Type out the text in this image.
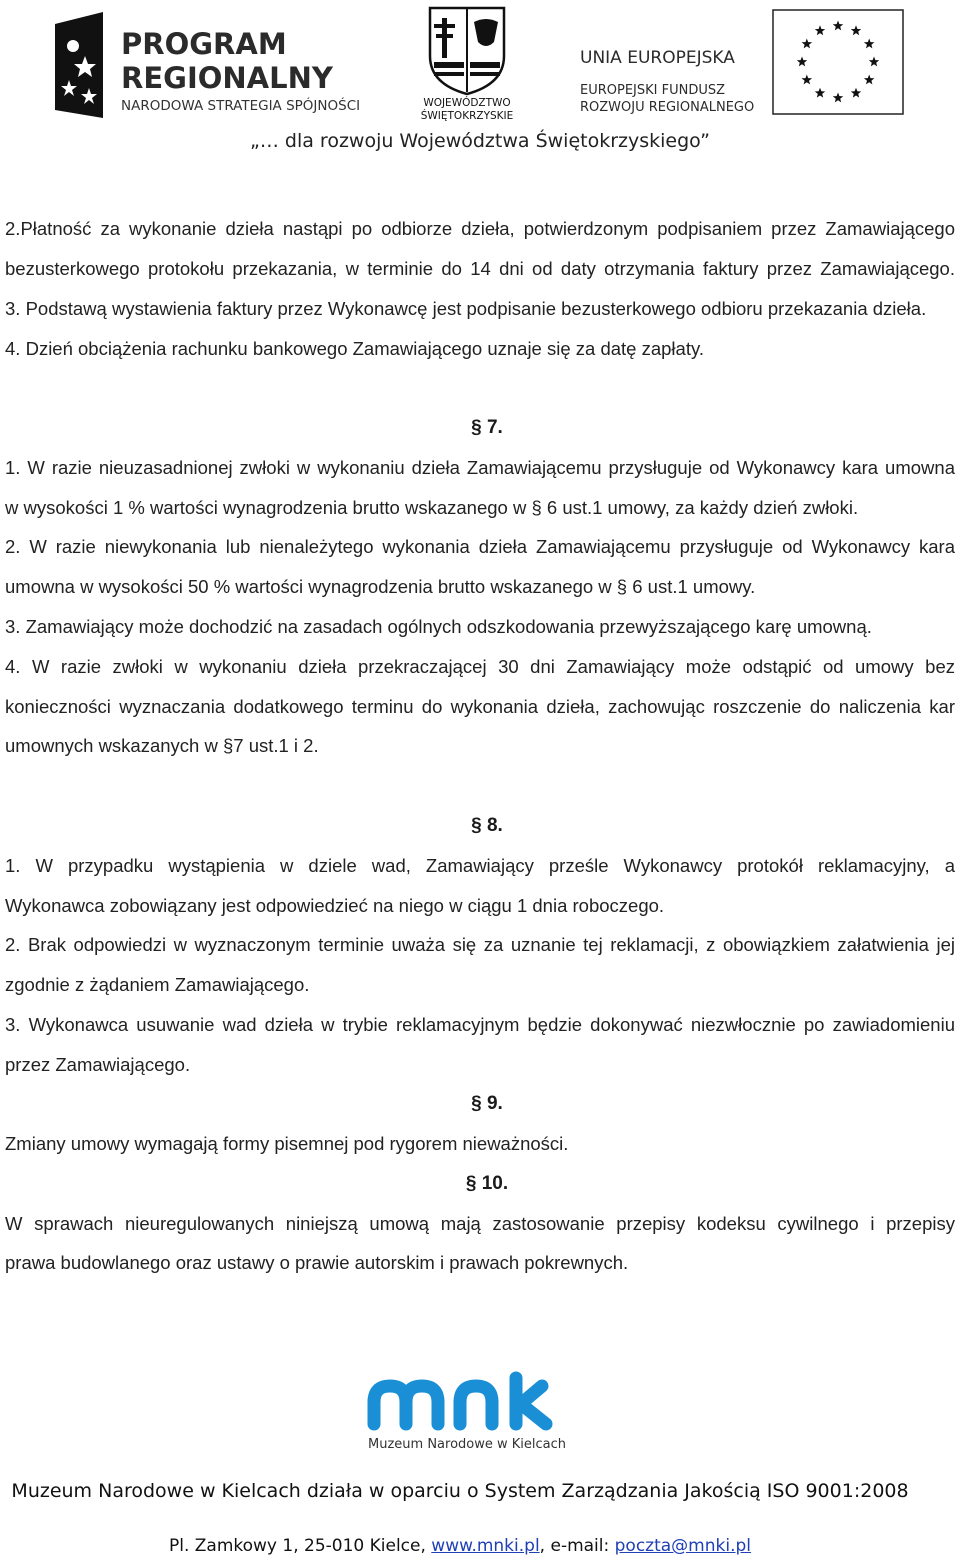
PROGRAM
REGIONALNY
NARODOWA STRATEGIA SPÓJNOŚCI	WOJEWÓDZTWO
ŚWIĘTOKRZYSKIE
UNIA EUROPEJSKA
EUROPEJSKI FUNDUSZ
ROZWOJU REGIONALNEGO
„… dla rozwoju Województwa Świętokrzyskiego”
2.Płatność za wykonanie dzieła nastąpi po odbiorze dzieła, potwierdzonym podpisaniem przez Zamawiającego
bezusterkowego protokołu przekazania, w terminie do 14 dni od daty otrzymania faktury przez Zamawiającego.
3. Podstawą wystawienia faktury przez Wykonawcę jest podpisanie bezusterkowego odbioru przekazania dzieła.
4. Dzień obciążenia rachunku bankowego Zamawiającego uznaje się za datę zapłaty.
§ 7.
1. W razie nieuzasadnionej zwłoki w wykonaniu dzieła Zamawiającemu przysługuje od Wykonawcy kara umowna
w wysokości 1 % wartości wynagrodzenia brutto wskazanego w § 6 ust.1 umowy, za każdy dzień zwłoki.
2. W razie niewykonania lub nienależytego wykonania dzieła Zamawiającemu przysługuje od Wykonawcy kara
umowna w wysokości 50 % wartości wynagrodzenia brutto wskazanego w § 6 ust.1 umowy.
3. Zamawiający może dochodzić na zasadach ogólnych odszkodowania przewyższającego karę umowną.
4. W razie zwłoki w wykonaniu dzieła przekraczającej 30 dni Zamawiający może odstąpić od umowy bez
konieczności wyznaczania dodatkowego terminu do wykonania dzieła, zachowując roszczenie do naliczenia kar
umownych wskazanych w §7 ust.1 i 2.
§ 8.
1. W przypadku wystąpienia w dziele wad, Zamawiający prześle Wykonawcy protokół reklamacyjny, a
Wykonawca zobowiązany jest odpowiedzieć na niego w ciągu 1 dnia roboczego.
2. Brak odpowiedzi w wyznaczonym terminie uważa się za uznanie tej reklamacji, z obowiązkiem załatwienia jej
zgodnie z żądaniem Zamawiającego.
3. Wykonawca usuwanie wad dzieła w trybie reklamacyjnym będzie dokonywać niezwłocznie po zawiadomieniu
przez Zamawiającego.
§ 9.
Zmiany umowy wymagają formy pisemnej pod rygorem nieważności.
§ 10.
W sprawach nieuregulowanych niniejszą umową mają zastosowanie przepisy kodeksu cywilnego i przepisy
prawa budowlanego oraz ustawy o prawie autorskim i prawach pokrewnych.
Muzeum Narodowe w Kielcach
Muzeum Narodowe w Kielcach działa w oparciu o System Zarządzania Jakością ISO 9001:2008
Pl. Zamkowy 1, 25-010 Kielce, www.mnki.pl, e-mail: poczta@mnki.pl
